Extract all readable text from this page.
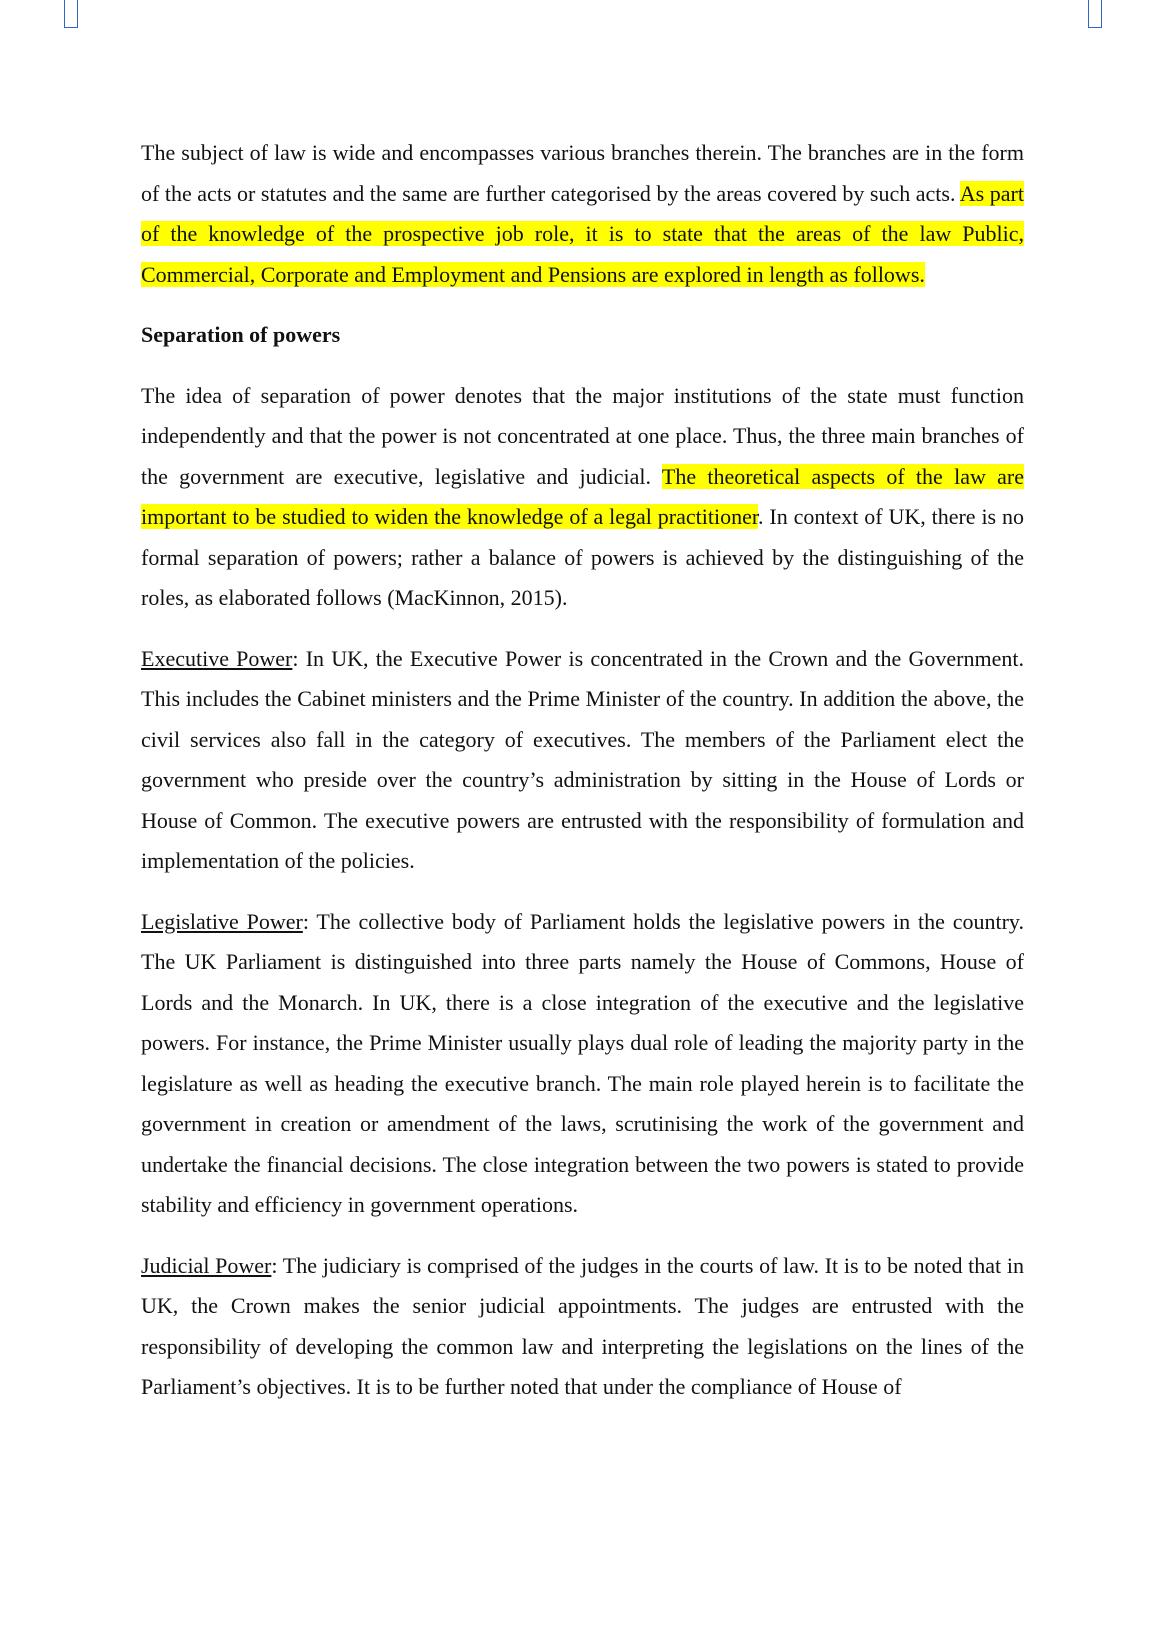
The subject of law is wide and encompasses various branches therein. The branches are in the form of the acts or statutes and the same are further categorised by the areas covered by such acts. As part of the knowledge of the prospective job role, it is to state that the areas of the law Public, Commercial, Corporate and Employment and Pensions are explored in length as follows.

Separation of powers

The idea of separation of power denotes that the major institutions of the state must function independently and that the power is not concentrated at one place. Thus, the three main branches of the government are executive, legislative and judicial. The theoretical aspects of the law are important to be studied to widen the knowledge of a legal practitioner. In context of UK, there is no formal separation of powers; rather a balance of powers is achieved by the distinguishing of the roles, as elaborated follows (MacKinnon, 2015).

Executive Power: In UK, the Executive Power is concentrated in the Crown and the Government. This includes the Cabinet ministers and the Prime Minister of the country. In addition the above, the civil services also fall in the category of executives. The members of the Parliament elect the government who preside over the country’s administration by sitting in the House of Lords or House of Common. The executive powers are entrusted with the responsibility of formulation and implementation of the policies.

Legislative Power: The collective body of Parliament holds the legislative powers in the country. The UK Parliament is distinguished into three parts namely the House of Commons, House of Lords and the Monarch. In UK, there is a close integration of the executive and the legislative powers. For instance, the Prime Minister usually plays dual role of leading the majority party in the legislature as well as heading the executive branch. The main role played herein is to facilitate the government in creation or amendment of the laws, scrutinising the work of the government and undertake the financial decisions. The close integration between the two powers is stated to provide stability and efficiency in government operations.

Judicial Power: The judiciary is comprised of the judges in the courts of law. It is to be noted that in UK, the Crown makes the senior judicial appointments. The judges are entrusted with the responsibility of developing the common law and interpreting the legislations on the lines of the Parliament’s objectives. It is to be further noted that under the compliance of House of
